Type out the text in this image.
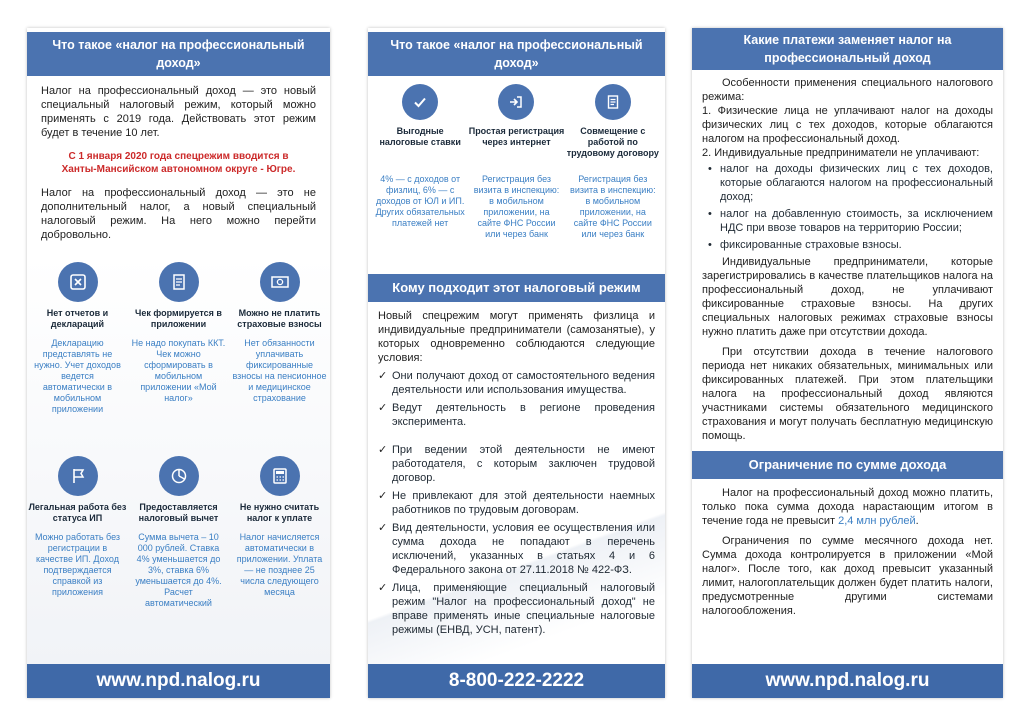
Что такое «налог на профессиональный доход»
Налог на профессиональный доход — это новый специальный налоговый режим, который можно применять с 2019 года. Действовать этот режим будет в течение 10 лет.
С 1 января 2020 года спецрежим вводится в
Ханты-Мансийском автономном округе - Югре.
Налог на профессиональный доход — это не дополнительный налог, а новый специальный налоговый режим. На него можно перейти добровольно.
Нет отчетов и деклараций
Декларацию представлять не нужно. Учет доходов ведется автоматически в мобильном приложении
Чек формируется в приложении
Не надо покупать ККТ. Чек можно сформировать в мобильном приложении «Мой налог»
Можно не платить страховые взносы
Нет обязанности уплачивать фиксированные взносы на пенсионное и медицинское страхование
Легальная работа без статуса ИП
Можно работать без регистрации в качестве ИП. Доход подтверждается справкой из приложения
Предоставляется налоговый вычет
Сумма вычета – 10 000 рублей. Ставка 4% уменьшается до 3%, ставка 6% уменьшается до 4%. Расчет автоматический
Не нужно считать налог к уплате
Налог начисляется автоматически в приложении. Уплата — не позднее 25 числа следующего месяца
www.npd.nalog.ru
Что такое «налог на профессиональный доход»
Выгодные налоговые ставки
4% — с доходов от физлиц, 6% — с доходов от ЮЛ и ИП. Других обязательных платежей нет
Простая регистрация через интернет
Регистрация без визита в инспекцию: в мобильном приложении, на сайте ФНС России или через банк
Совмещение с работой по трудовому договору
Регистрация без визита в инспекцию: в мобильном приложении, на сайте ФНС России или через банк
Кому подходит этот налоговый режим
Новый спецрежим могут применять физлица и индивидуальные предприниматели (самозанятые), у которых одновременно соблюдаются следующие условия:
✓ Они получают доход от самостоятельного ведения деятельности или использования имущества.
✓ Ведут деятельность в регионе проведения эксперимента.
✓ При ведении этой деятельности не имеют работодателя, с которым заключен трудовой договор.
✓ Не привлекают для этой деятельности наемных работников по трудовым договорам.
✓ Вид деятельности, условия ее осуществления или сумма дохода не попадают в перечень исключений, указанных в статьях 4 и 6 Федерального закона от 27.11.2018 № 422-ФЗ.
✓ Лица, применяющие специальный налоговый режим "Налог на профессиональный доход" не вправе применять иные специальные налоговые режимы (ЕНВД, УСН, патент).
8-800-222-2222
Какие платежи заменяет налог на профессиональный доход
Особенности применения специального налогового режима:
1. Физические лица не уплачивают налог на доходы физических лиц с тех доходов, которые облагаются налогом на профессиональный доход.
2. Индивидуальные предприниматели не уплачивают:
• налог на доходы физических лиц с тех доходов, которые облагаются налогом на профессиональный доход;
• налог на добавленную стоимость, за исключением НДС при ввозе товаров на территорию России;
• фиксированные страховые взносы.
Индивидуальные предприниматели, которые зарегистрировались в качестве плательщиков налога на профессиональный доход, не уплачивают фиксированные страховые взносы. На других специальных налоговых режимах страховые взносы нужно платить даже при отсутствии дохода.
При отсутствии дохода в течение налогового периода нет никаких обязательных, минимальных или фиксированных платежей. При этом плательщики налога на профессиональный доход являются участниками системы обязательного медицинского страхования и могут получать бесплатную медицинскую помощь.
Ограничение по сумме дохода
Налог на профессиональный доход можно платить, только пока сумма дохода нарастающим итогом в течение года не превысит 2,4 млн рублей.
Ограничения по сумме месячного дохода нет. Сумма дохода контролируется в приложении «Мой налог». После того, как доход превысит указанный лимит, налогоплательщик должен будет платить налоги, предусмотренные другими системами налогообложения.
www.npd.nalog.ru
